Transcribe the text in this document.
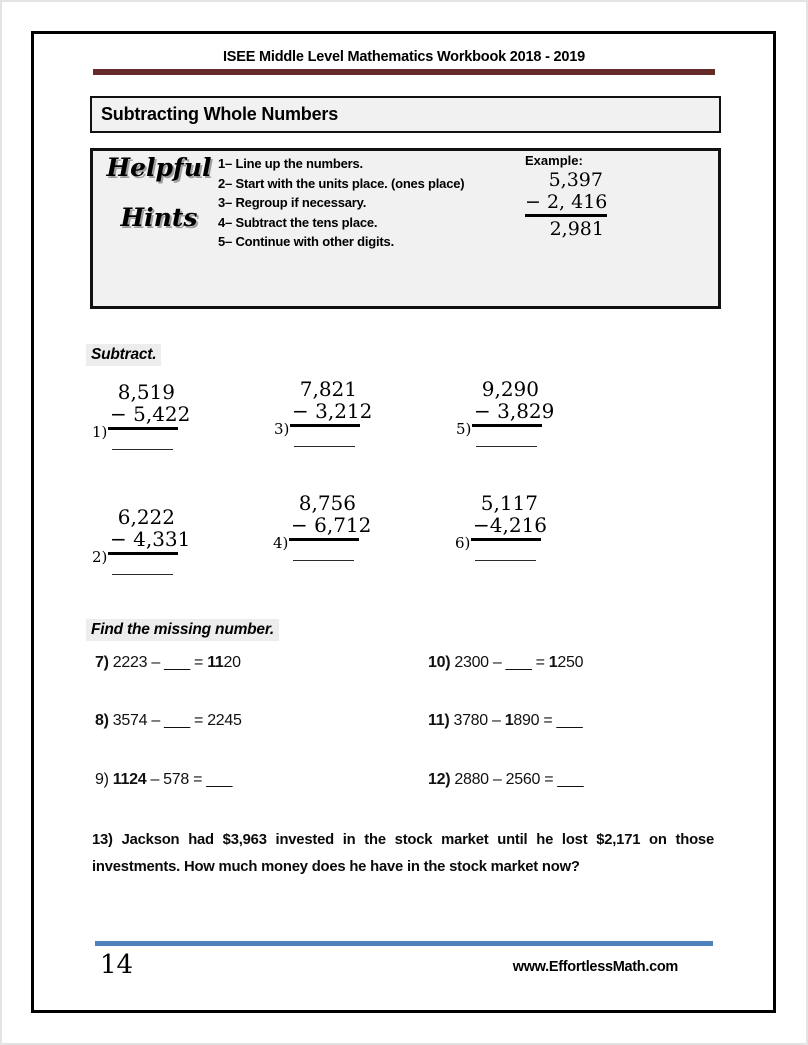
ISEE Middle Level Mathematics Workbook 2018 - 2019
Subtracting Whole Numbers
Helpful
Hints
1– Line up the numbers.
2– Start with the units place. (ones place)
3– Regroup if necessary.
4– Subtract the tens place.
5– Continue with other digits.
Example:
5,397
− 2, 416
2,981
Subtract.
1)
8,519
− 5,422
3)
7,821
− 3,212
5)
9,290
− 3,829
2)
6,222
− 4,331	4)
8,756
− 6,712
6)
5,117
−4,216
Find the missing number.
7) 2223 – ___ = 1120
8) 3574 – ___ = 2245
9) 1124 – 578 = ___
10) 2300 – ___ = 1250
11) 3780 – 1890 = ___
12) 2880 – 2560 = ___
13) Jackson had $3,963 invested in the stock market until he lost $2,171 on those investments. How much money does he have in the stock market now?
14	www.EffortlessMath.com
